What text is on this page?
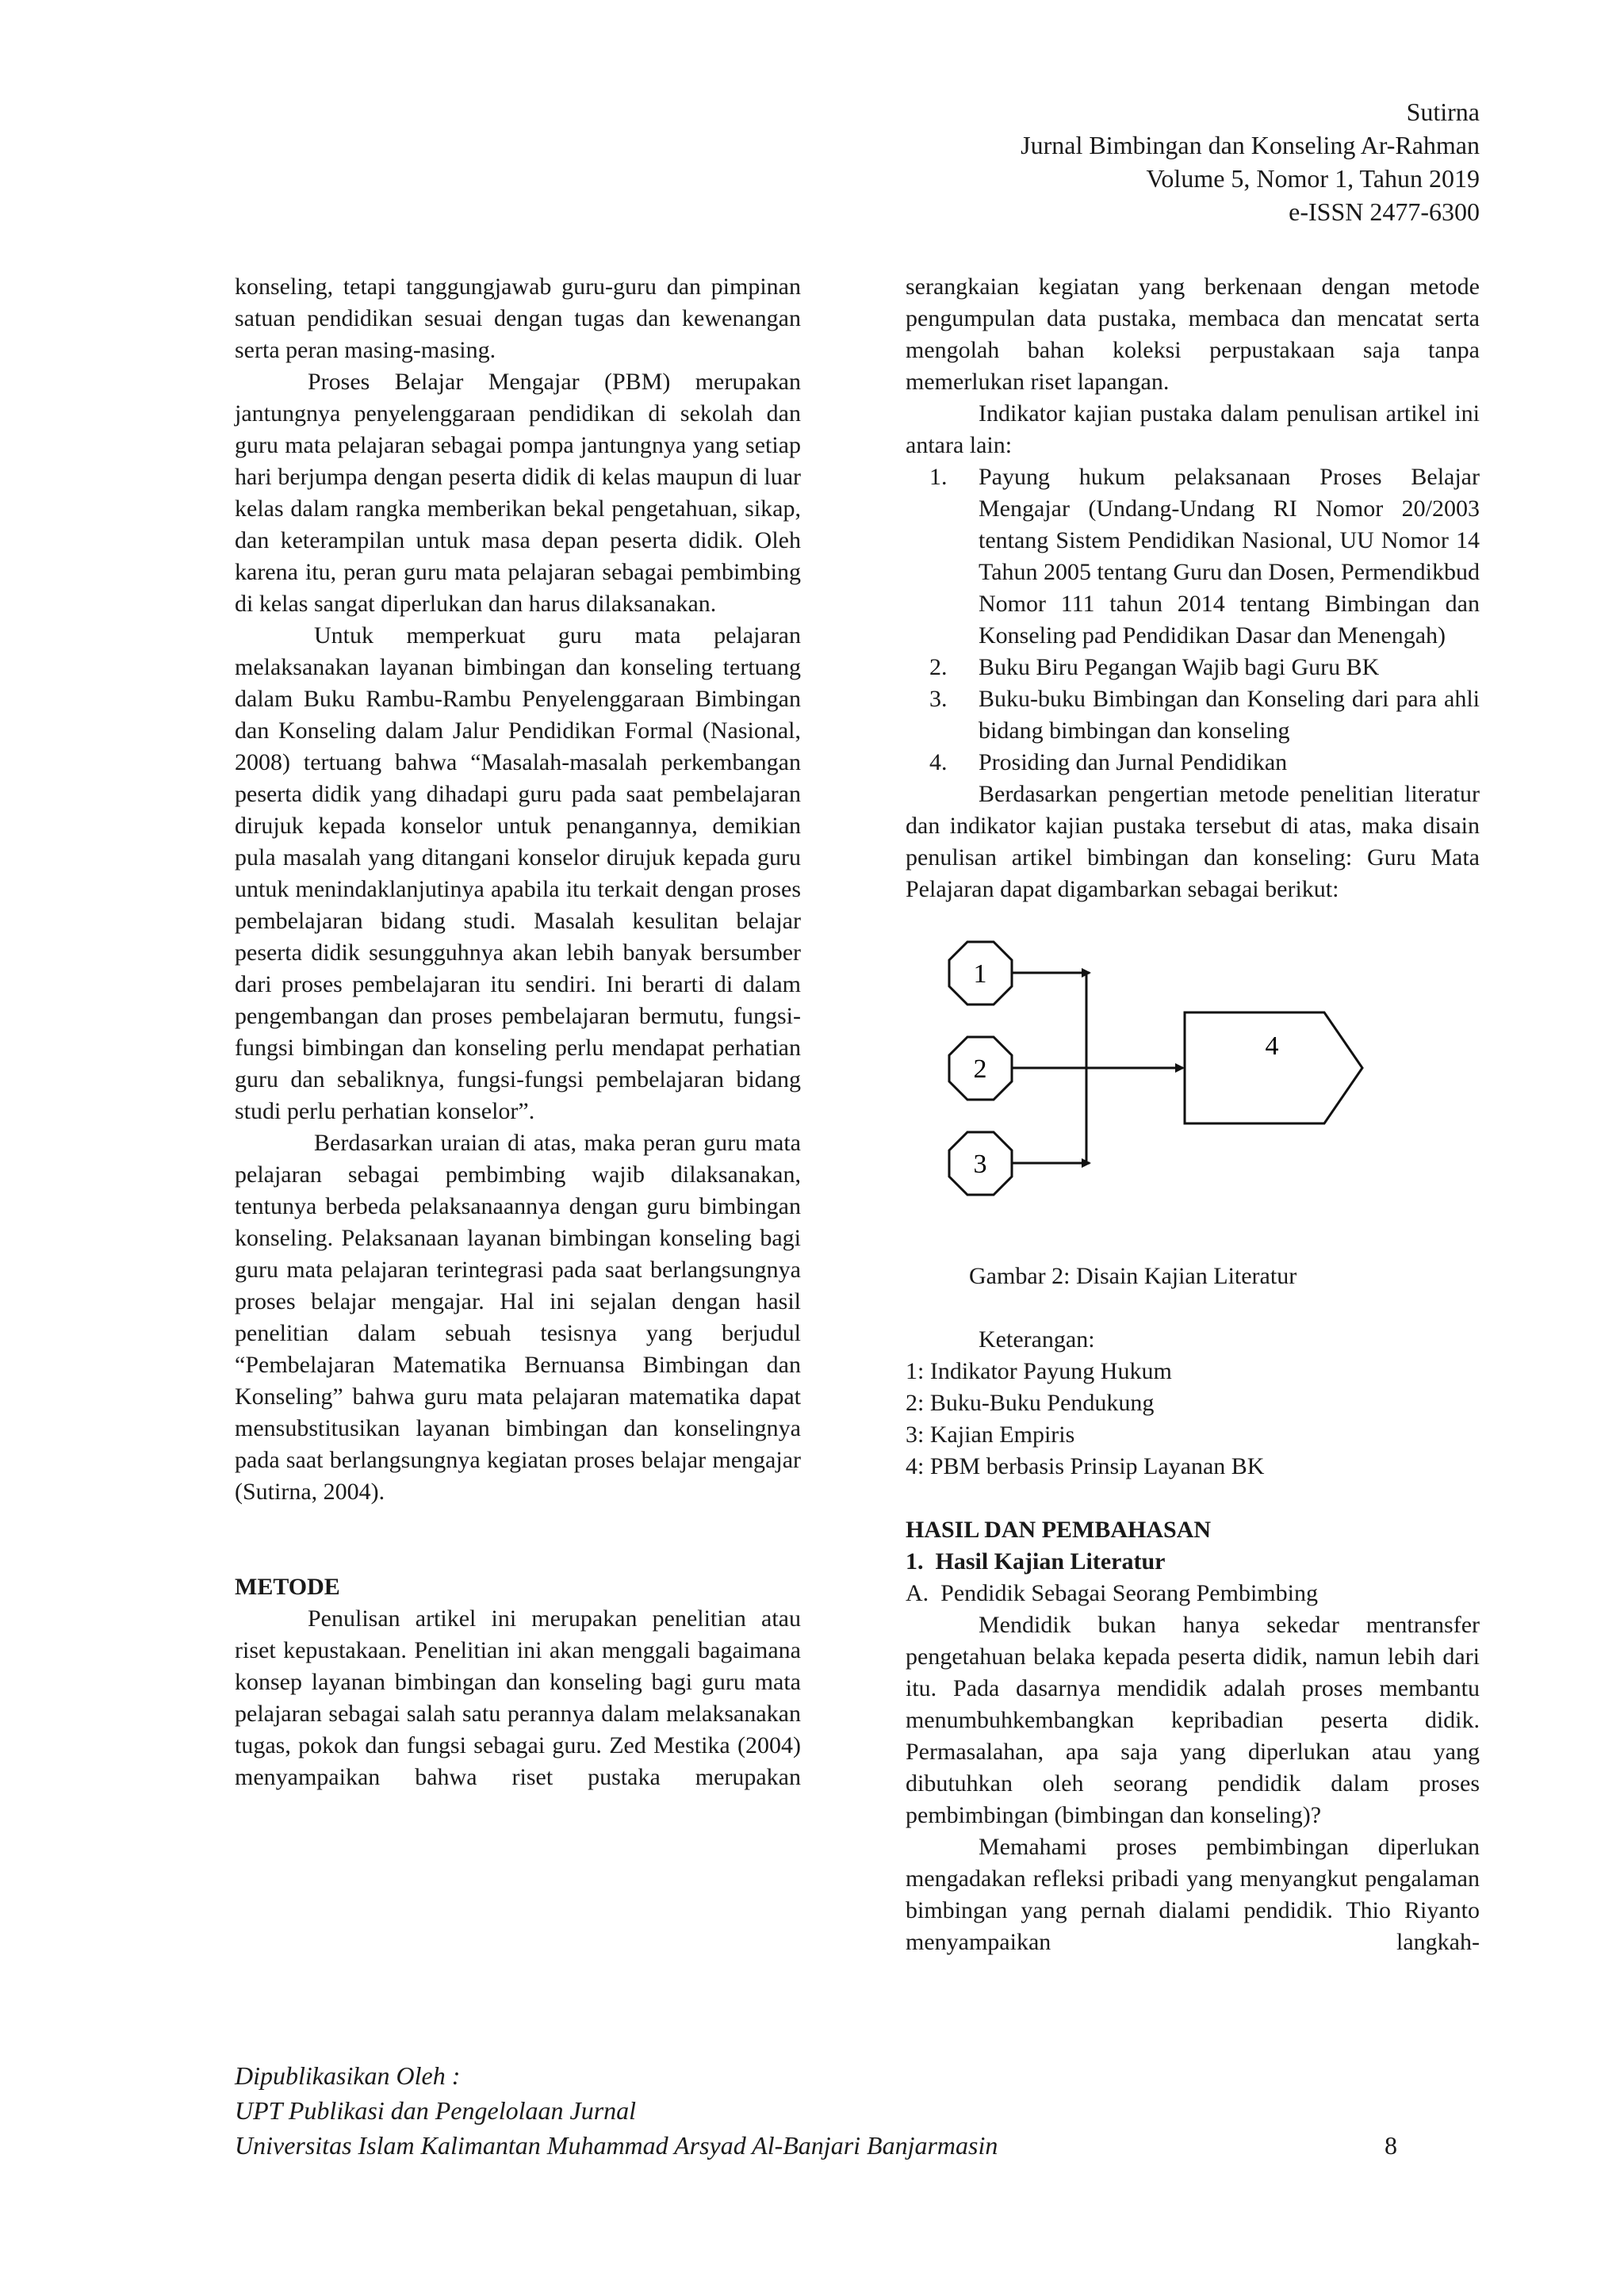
Sutirna
Jurnal Bimbingan dan Konseling Ar-Rahman
Volume 5, Nomor 1, Tahun 2019
e-ISSN 2477-6300

konseling, tetapi tanggungjawab guru-guru dan pimpinan satuan pendidikan sesuai dengan tugas dan kewenangan serta peran masing-masing.

Proses Belajar Mengajar (PBM) merupakan jantungnya penyelenggaraan pendidikan di sekolah dan guru mata pelajaran sebagai pompa jantungnya yang setiap hari berjumpa dengan peserta didik di kelas maupun di luar kelas dalam rangka memberikan bekal pengetahuan, sikap, dan keterampilan untuk masa depan peserta didik. Oleh karena itu, peran guru mata pelajaran sebagai pembimbing di kelas sangat diperlukan dan harus dilaksanakan.

Untuk memperkuat guru mata pelajaran melaksanakan layanan bimbingan dan konseling tertuang dalam Buku Rambu-Rambu Penyelenggaraan Bimbingan dan Konseling dalam Jalur Pendidikan Formal (Nasional, 2008) tertuang bahwa “Masalah-masalah perkembangan peserta didik yang dihadapi guru pada saat pembelajaran dirujuk kepada konselor untuk penangannya, demikian pula masalah yang ditangani konselor dirujuk kepada guru untuk menindaklanjutinya apabila itu terkait dengan proses pembelajaran bidang studi. Masalah kesulitan belajar peserta didik sesungguhnya akan lebih banyak bersumber dari proses pembelajaran itu sendiri. Ini berarti di dalam pengembangan dan proses pembelajaran bermutu, fungsi-fungsi bimbingan dan konseling perlu mendapat perhatian guru dan sebaliknya, fungsi-fungsi pembelajaran bidang studi perlu perhatian konselor”.

Berdasarkan uraian di atas, maka peran guru mata pelajaran sebagai pembimbing wajib dilaksanakan, tentunya berbeda pelaksanaannya dengan guru bimbingan konseling. Pelaksanaan layanan bimbingan konseling bagi guru mata pelajaran terintegrasi pada saat berlangsungnya proses belajar mengajar. Hal ini sejalan dengan hasil penelitian dalam sebuah tesisnya yang berjudul “Pembelajaran Matematika Bernuansa Bimbingan dan Konseling” bahwa guru mata pelajaran matematika dapat mensubstitusikan layanan bimbingan dan konselingnya pada saat berlangsungnya kegiatan proses belajar mengajar (Sutirna, 2004).

METODE

Penulisan artikel ini merupakan penelitian atau riset kepustakaan. Penelitian ini akan menggali bagaimana konsep layanan bimbingan dan konseling bagi guru mata pelajaran sebagai salah satu perannya dalam melaksanakan tugas, pokok dan fungsi sebagai guru. Zed Mestika (2004) menyampaikan bahwa riset pustaka merupakan

serangkaian kegiatan yang berkenaan dengan metode pengumpulan data pustaka, membaca dan mencatat serta mengolah bahan koleksi perpustakaan saja tanpa memerlukan riset lapangan.

Indikator kajian pustaka dalam penulisan artikel ini antara lain:

1.	Payung hukum pelaksanaan Proses Belajar Mengajar (Undang-Undang RI Nomor 20/2003 tentang Sistem Pendidikan Nasional, UU Nomor 14 Tahun 2005 tentang Guru dan Dosen, Permendikbud Nomor 111 tahun 2014 tentang Bimbingan dan Konseling pad Pendidikan Dasar dan Menengah)
2.	Buku Biru Pegangan Wajib bagi Guru BK
3.	Buku-buku Bimbingan dan Konseling dari para ahli bidang bimbingan dan konseling
4.	Prosiding dan Jurnal Pendidikan

Berdasarkan pengertian metode penelitian literatur dan indikator kajian pustaka tersebut di atas, maka disain penulisan artikel bimbingan dan konseling: Guru Mata Pelajaran dapat digambarkan sebagai berikut:

1
2
3
4

Gambar 2: Disain Kajian Literatur

Keterangan:

1: Indikator Payung Hukum

2: Buku-Buku Pendukung

3: Kajian Empiris

4: PBM berbasis Prinsip Layanan BK

HASIL DAN PEMBAHASAN

1.  Hasil Kajian Literatur

A.  Pendidik Sebagai Seorang Pembimbing

Mendidik bukan hanya sekedar mentransfer pengetahuan belaka kepada peserta didik, namun lebih dari itu. Pada dasarnya mendidik adalah proses membantu menumbuhkembangkan kepribadian peserta didik. Permasalahan, apa saja yang diperlukan atau yang dibutuhkan oleh seorang pendidik dalam proses pembimbingan (bimbingan dan konseling)?

Memahami proses pembimbingan diperlukan mengadakan refleksi pribadi yang menyangkut pengalaman bimbingan yang pernah dialami pendidik. Thio Riyanto menyampaikan langkah-

Dipublikasikan Oleh :
UPT Publikasi dan Pengelolaan Jurnal
Universitas Islam Kalimantan Muhammad Arsyad Al-Banjari Banjarmasin	8
